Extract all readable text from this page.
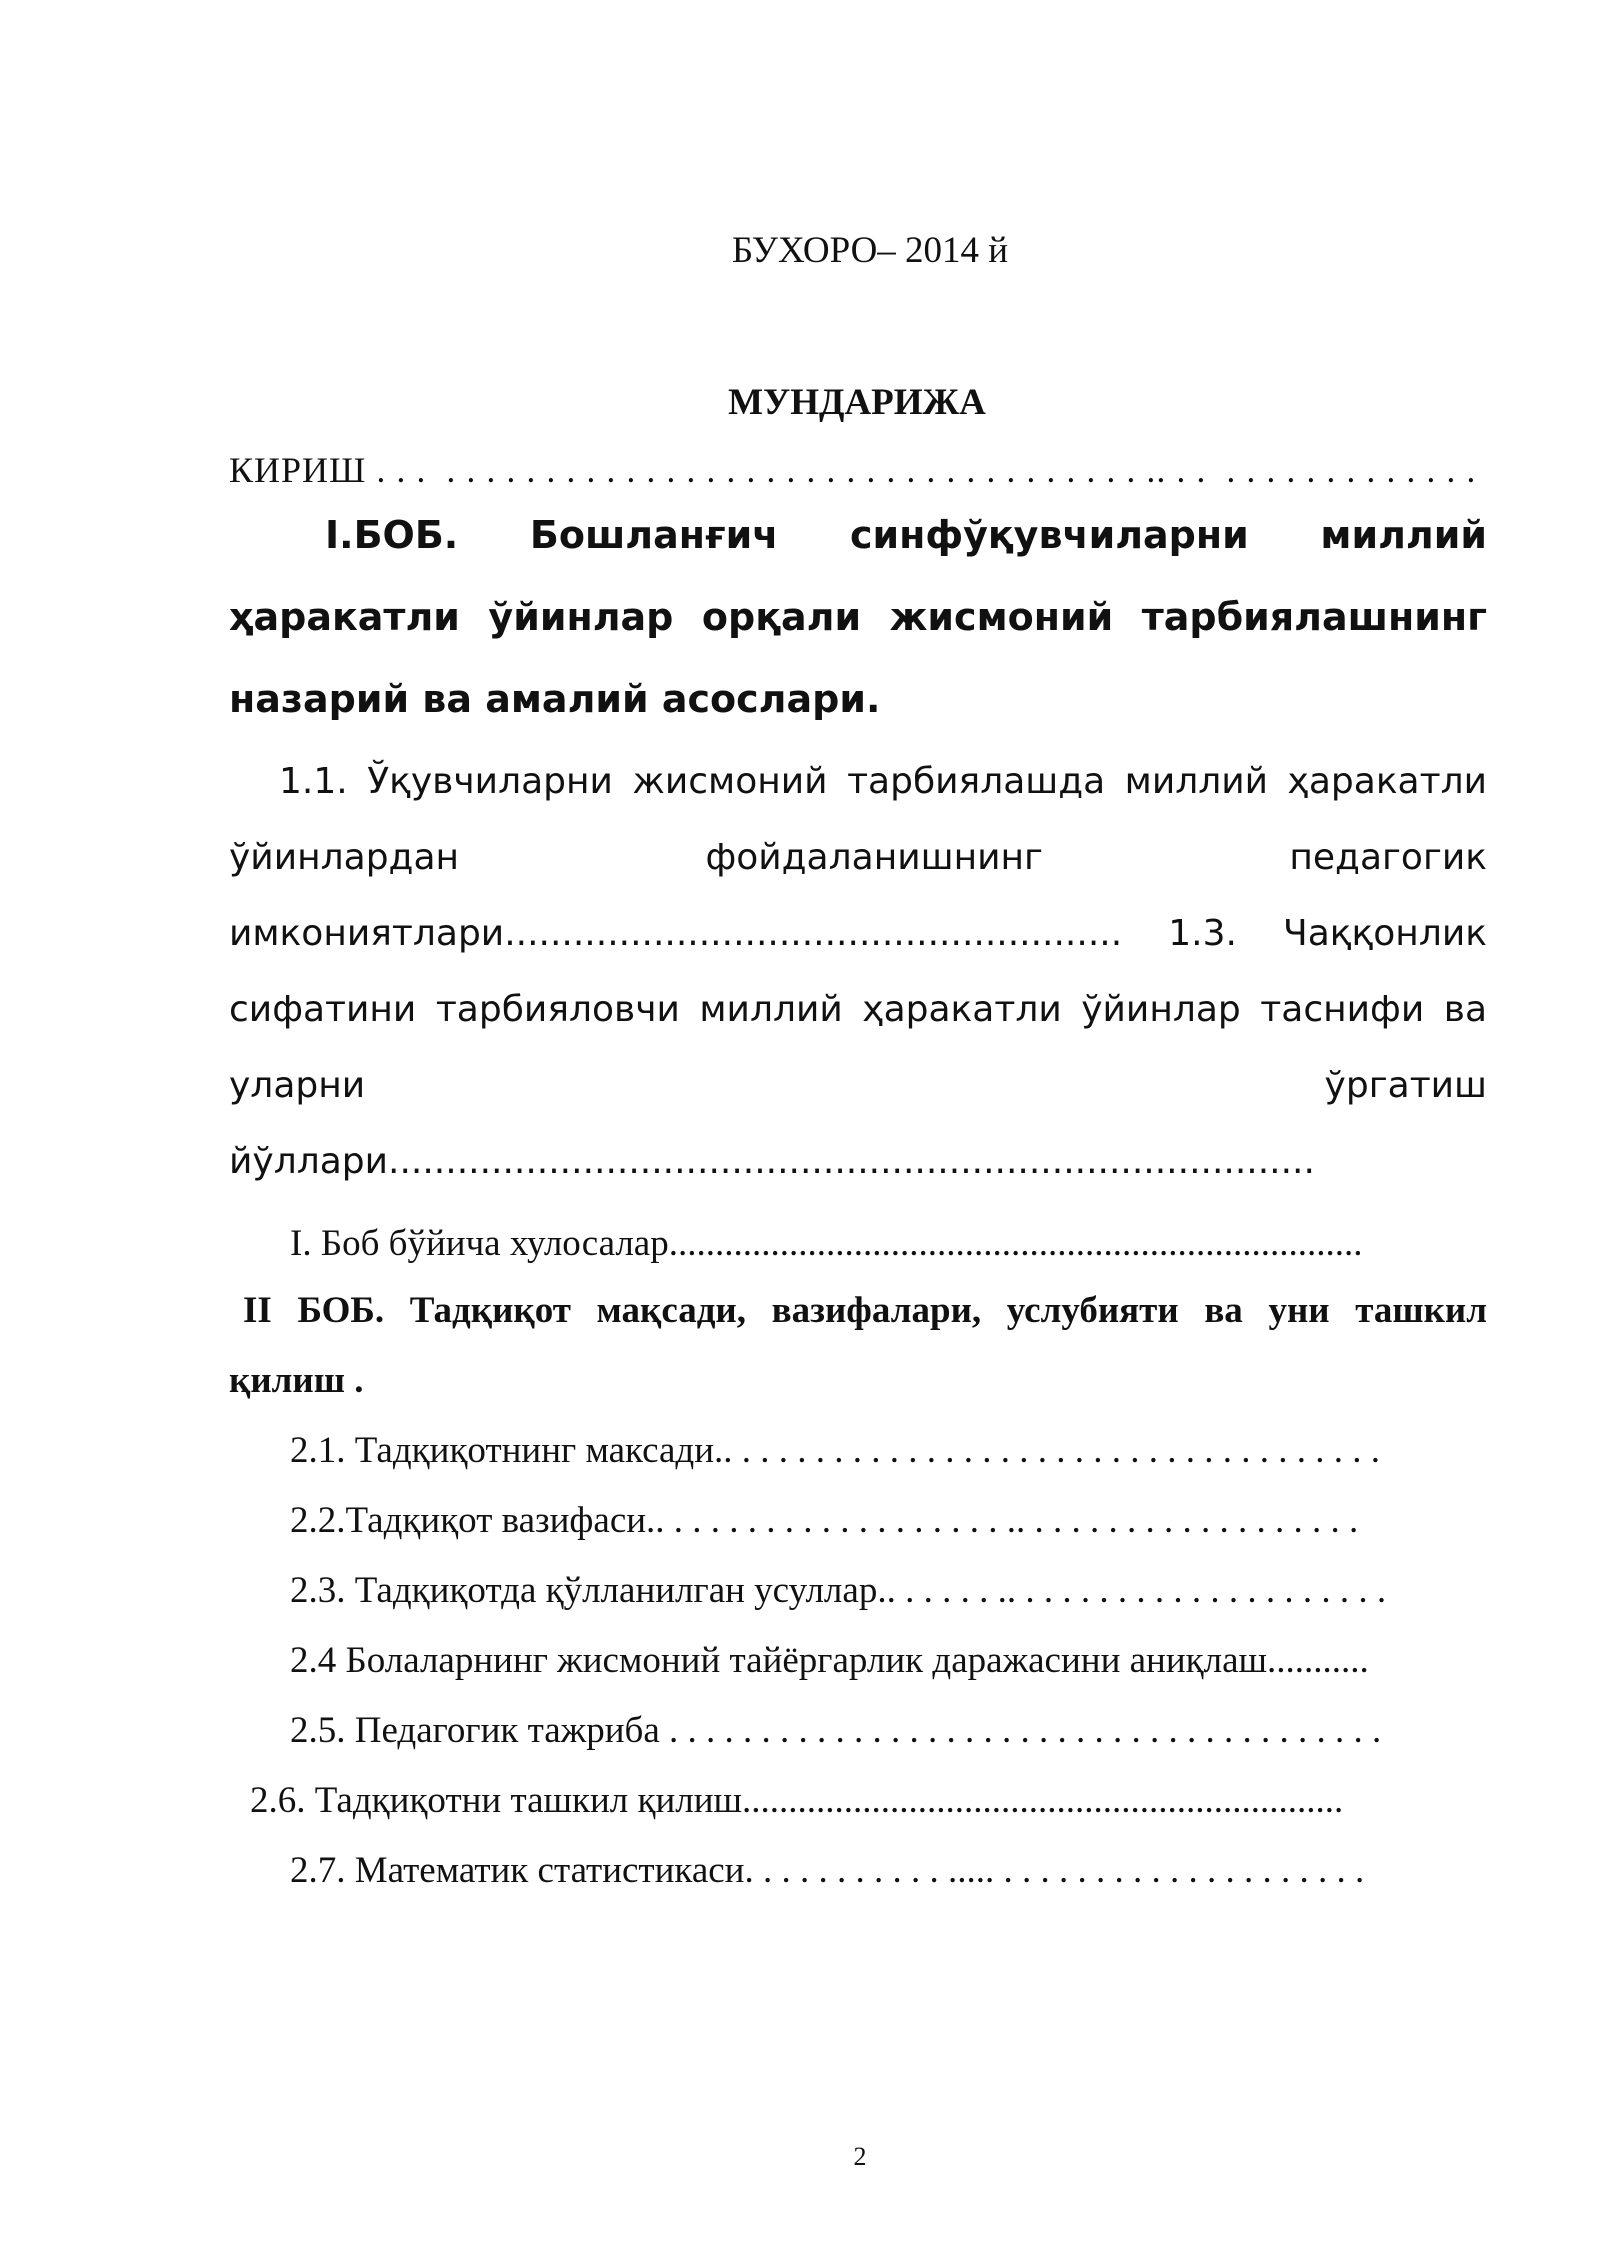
БУХОРО– 2014 й
МУНДАРИЖА
КИРИШ . . .  . . . . . . . . . . . . . . . . . . . . . . . . . . . . . . . . . . . .. . .  . . . . . . . . . . . . .
I.БОБ. Бошланғич синфўқувчиларни миллий
ҳаракатли ўйинлар орқали жисмоний тарбиялашнинг
назарий ва амалий асослари.
1.1. Ўқувчиларни жисмоний тарбиялашда миллий ҳаракатли
ўйинлардан фойдаланишнинг педагогик
имкониятлари...................................................... 1.3. Чаққонлик
сифатини тарбияловчи миллий ҳаракатли ўйинлар таснифи ва
уларни ўргатиш
йўллари.................................................................................
I. Боб бўйича хулосалар...........................................................................
II БОБ. Тадқиқот мақсади, вазифалари, услубияти ва уни ташкил
қилиш .
2.1. Тадқиқотнинг максади.. . . . . . . . . . . . . . . . . . . . . . . . . . . . . . . . . . . .
2.2.Тадқиқот вазифаси.. . . . . . . . . . . . . . . . . . . .. . . . . . . . . . . . . . . . . . .
2.3. Тадқиқотда қўлланилган усуллар.. . . . . . .. . . . . . . . . . . . . . . . . . . . .
2.4 Болаларнинг жисмоний тайёргарлик даражасини аниқлаш...........
2.5. Педагогик тажриба . . . . . . . . . . . . . . . . . . . . . . . . . . . . . . . . . . . . . . .
2.6. Тадқиқотни ташкил қилиш.................................................................
2.7. Математик статистикаси. . . . . . . . . . . ..... . . . . . . . . . . . . . . . . . . . .
2
